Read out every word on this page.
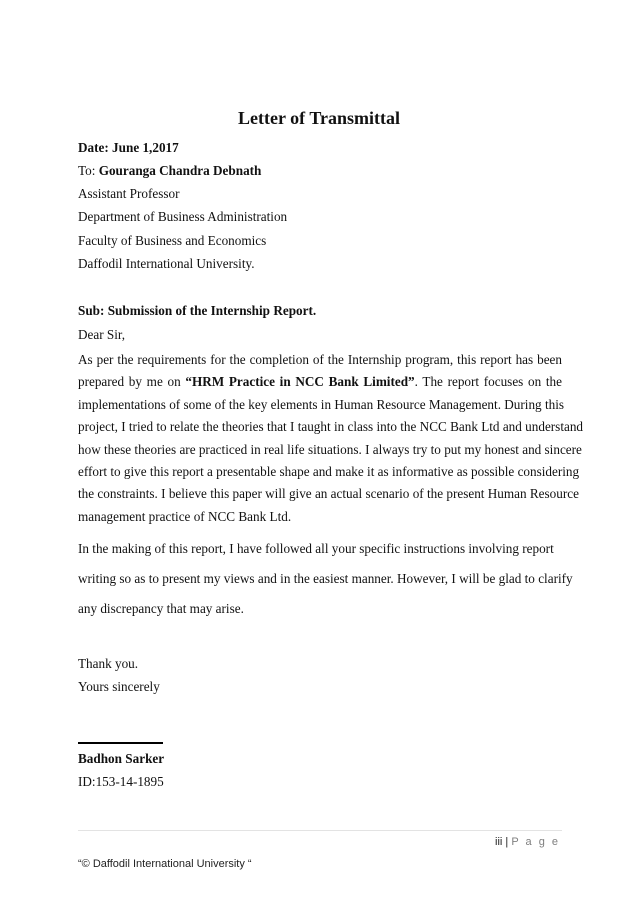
Letter of Transmittal
Date: June 1,2017
To: Gouranga Chandra Debnath
Assistant Professor
Department of Business Administration
Faculty of Business and Economics
Daffodil International University.
Sub: Submission of the Internship Report.
Dear Sir,
As per the requirements for the completion of the Internship program, this report has been
prepared by me on “HRM Practice in NCC Bank Limited”. The report focuses on the
implementations of some of the key elements in Human Resource Management. During this
project, I tried to relate the theories that I taught in class into the NCC Bank Ltd and understand
how these theories are practiced in real life situations. I always try to put my honest and sincere
effort to give this report a presentable shape and make it as informative as possible considering
the constraints. I believe this paper will give an actual scenario of the present Human Resource
management practice of NCC Bank Ltd.
In the making of this report, I have followed all your specific instructions involving report
writing so as to present my views and in the easiest manner. However, I will be glad to clarify
any discrepancy that may arise.
Thank you.
Yours sincerely
Badhon Sarker
ID:153-14-1895
iii | P a g e
“© Daffodil International University “
